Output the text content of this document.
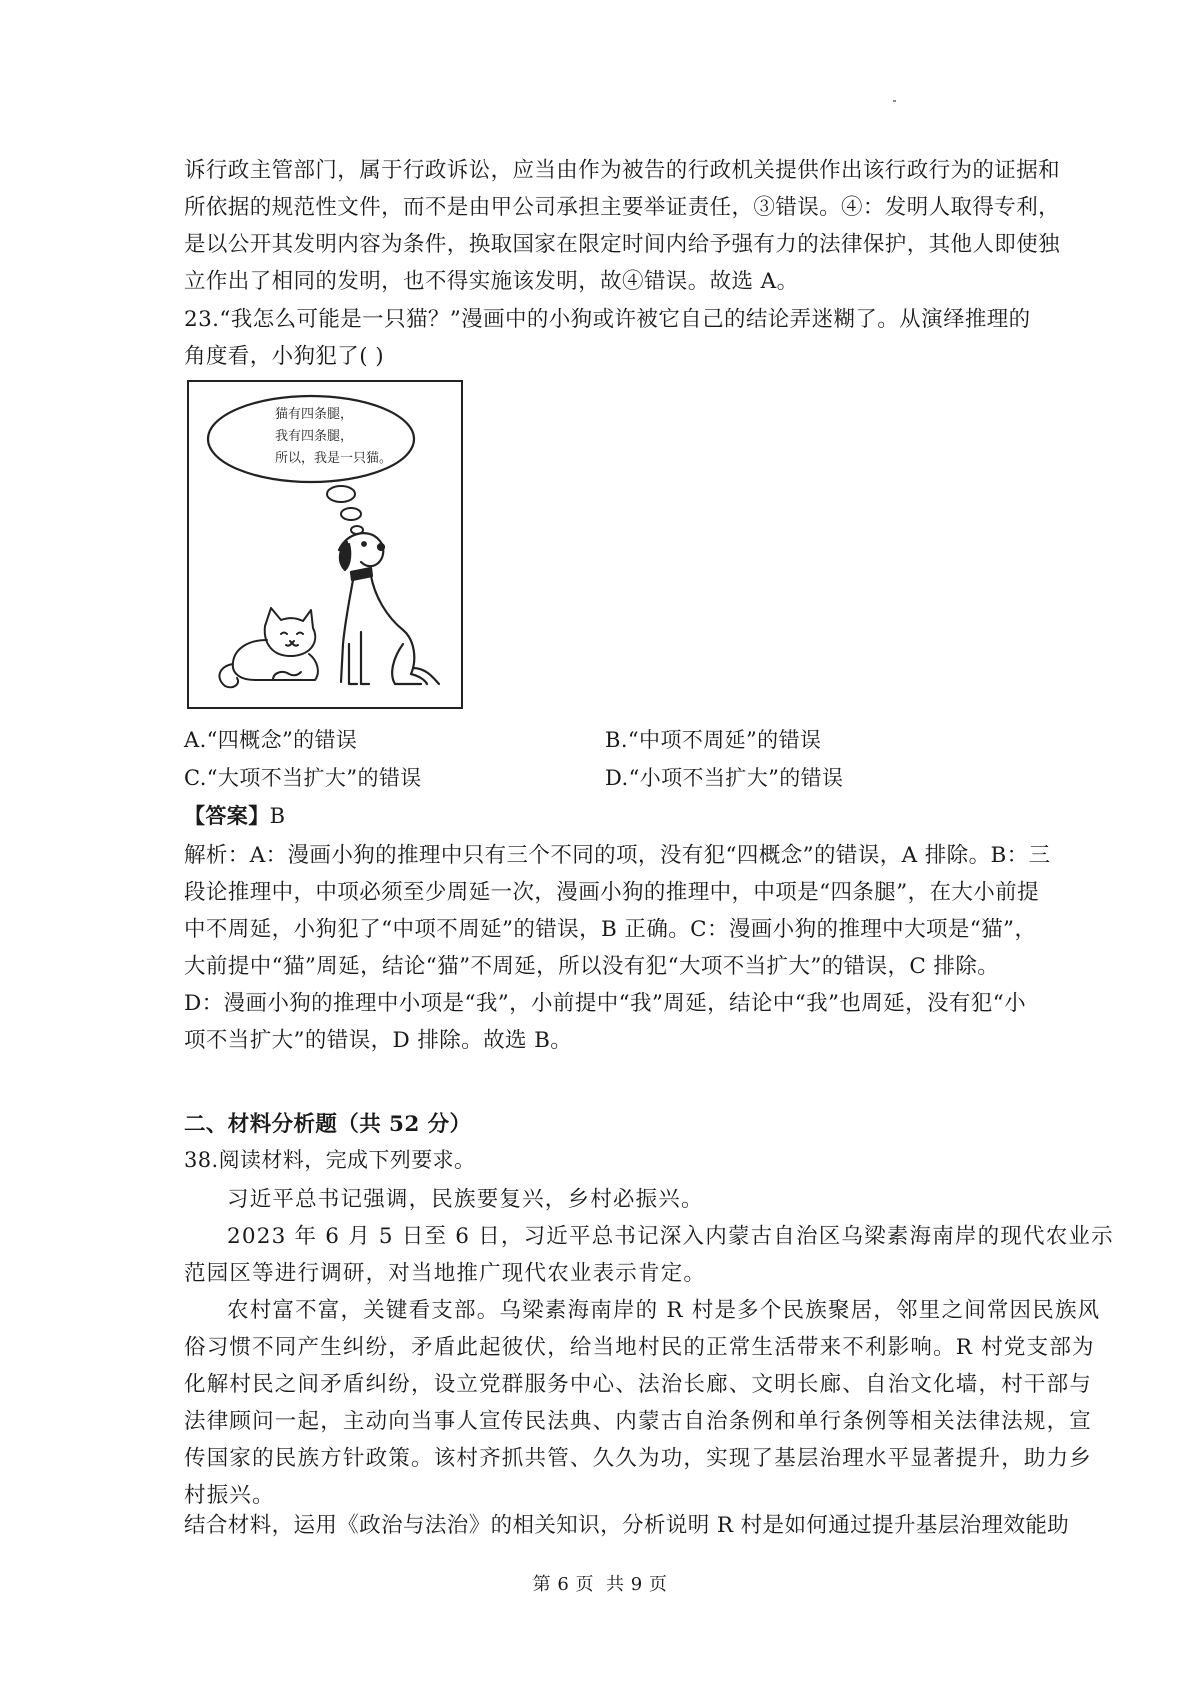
诉行政主管部门，属于行政诉讼，应当由作为被告的行政机关提供作出该行政行为的证据和
所依据的规范性文件，而不是由甲公司承担主要举证责任，③错误。④：发明人取得专利，
是以公开其发明内容为条件，换取国家在限定时间内给予强有力的法律保护，其他人即使独
立作出了相同的发明，也不得实施该发明，故④错误。故选 A。
23.“我怎么可能是一只猫？”漫画中的小狗或许被它自己的结论弄迷糊了。从演绎推理的
角度看，小狗犯了( )
猫有四条腿，
我有四条腿，
所以，我是一只猫。
A.“四概念”的错误	B.“中项不周延”的错误
C.“大项不当扩大”的错误	D.“小项不当扩大”的错误
【答案】B
解析：A：漫画小狗的推理中只有三个不同的项，没有犯“四概念”的错误，A 排除。B：三
段论推理中，中项必须至少周延一次，漫画小狗的推理中，中项是“四条腿”，在大小前提
中不周延，小狗犯了“中项不周延”的错误，B 正确。C：漫画小狗的推理中大项是“猫”，
大前提中“猫”周延，结论“猫”不周延，所以没有犯“大项不当扩大”的错误，C 排除。
D：漫画小狗的推理中小项是“我”，小前提中“我”周延，结论中“我”也周延，没有犯“小
项不当扩大”的错误，D 排除。故选 B。
二、材料分析题（共 52 分）
38.阅读材料，完成下列要求。
习近平总书记强调，民族要复兴，乡村必振兴。
2023 年 6 月 5 日至 6 日，习近平总书记深入内蒙古自治区乌梁素海南岸的现代农业示
范园区等进行调研，对当地推广现代农业表示肯定。
农村富不富，关键看支部。乌梁素海南岸的 R 村是多个民族聚居，邻里之间常因民族风
俗习惯不同产生纠纷，矛盾此起彼伏，给当地村民的正常生活带来不利影响。R 村党支部为
化解村民之间矛盾纠纷，设立党群服务中心、法治长廊、文明长廊、自治文化墙，村干部与
法律顾问一起，主动向当事人宣传民法典、内蒙古自治条例和单行条例等相关法律法规，宣
传国家的民族方针政策。该村齐抓共管、久久为功，实现了基层治理水平显著提升，助力乡
村振兴。
结合材料，运用《政治与法治》的相关知识，分析说明 R 村是如何通过提升基层治理效能助
第 6 页 共 9 页
